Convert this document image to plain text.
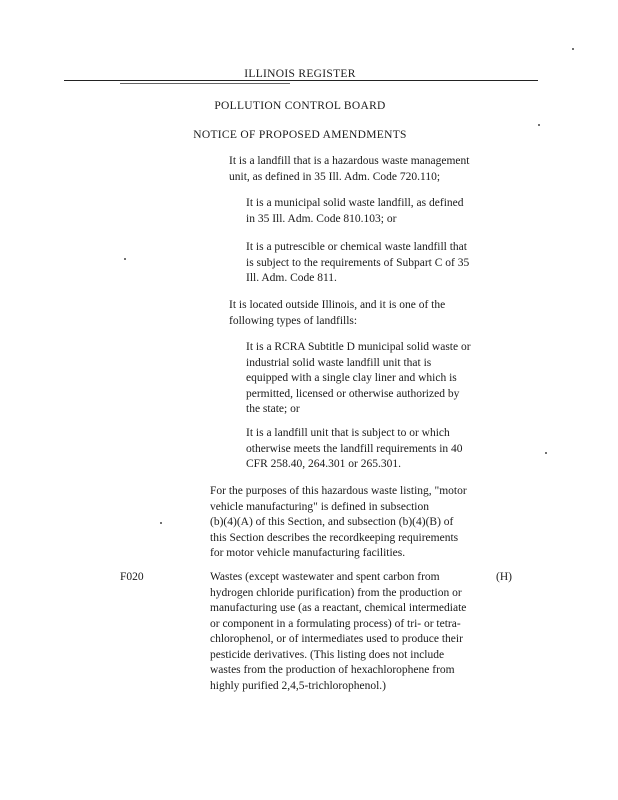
ILLINOIS REGISTER
POLLUTION CONTROL BOARD
NOTICE OF PROPOSED AMENDMENTS
It is a landfill that is a hazardous waste management
unit, as defined in 35 Ill. Adm. Code 720.110;
It is a municipal solid waste landfill, as defined
in 35 Ill. Adm. Code 810.103; or
It is a putrescible or chemical waste landfill that
is subject to the requirements of Subpart C of 35
Ill. Adm. Code 811.
It is located outside Illinois, and it is one of the
following types of landfills:
It is a RCRA Subtitle D municipal solid waste or
industrial solid waste landfill unit that is
equipped with a single clay liner and which is
permitted, licensed or otherwise authorized by
the state; or
It is a landfill unit that is subject to or which
otherwise meets the landfill requirements in 40
CFR 258.40, 264.301 or 265.301.
For the purposes of this hazardous waste listing, "motor
vehicle manufacturing" is defined in subsection
(b)(4)(A) of this Section, and subsection (b)(4)(B) of
this Section describes the recordkeeping requirements
for motor vehicle manufacturing facilities.
F020	(H)
Wastes (except wastewater and spent carbon from
hydrogen chloride purification) from the production or
manufacturing use (as a reactant, chemical intermediate
or component in a formulating process) of tri- or tetra-
chlorophenol, or of intermediates used to produce their
pesticide derivatives. (This listing does not include
wastes from the production of hexachlorophene from
highly purified 2,4,5-trichlorophenol.)
